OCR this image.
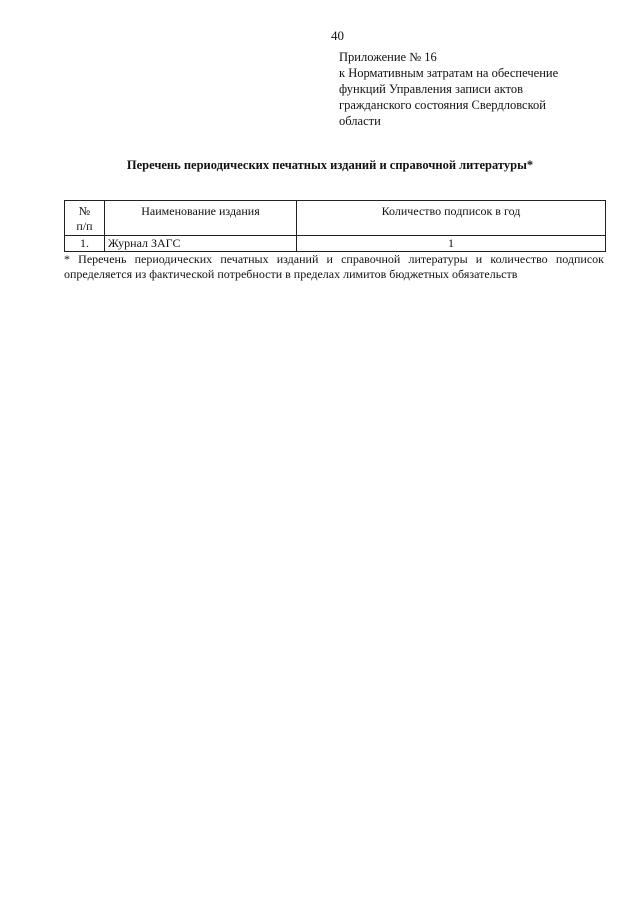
40
Приложение № 16
к Нормативным затратам на обеспечение
функций Управления записи актов
гражданского состояния Свердловской
области
Перечень периодических печатных изданий и справочной литературы*
№
п/п	Наименование издания	Количество подписок в год
1.	Журнал ЗАГС	1
* Перечень периодических печатных изданий и справочной литературы и количество подписок определяется из фактической потребности в пределах лимитов бюджетных обязательств
